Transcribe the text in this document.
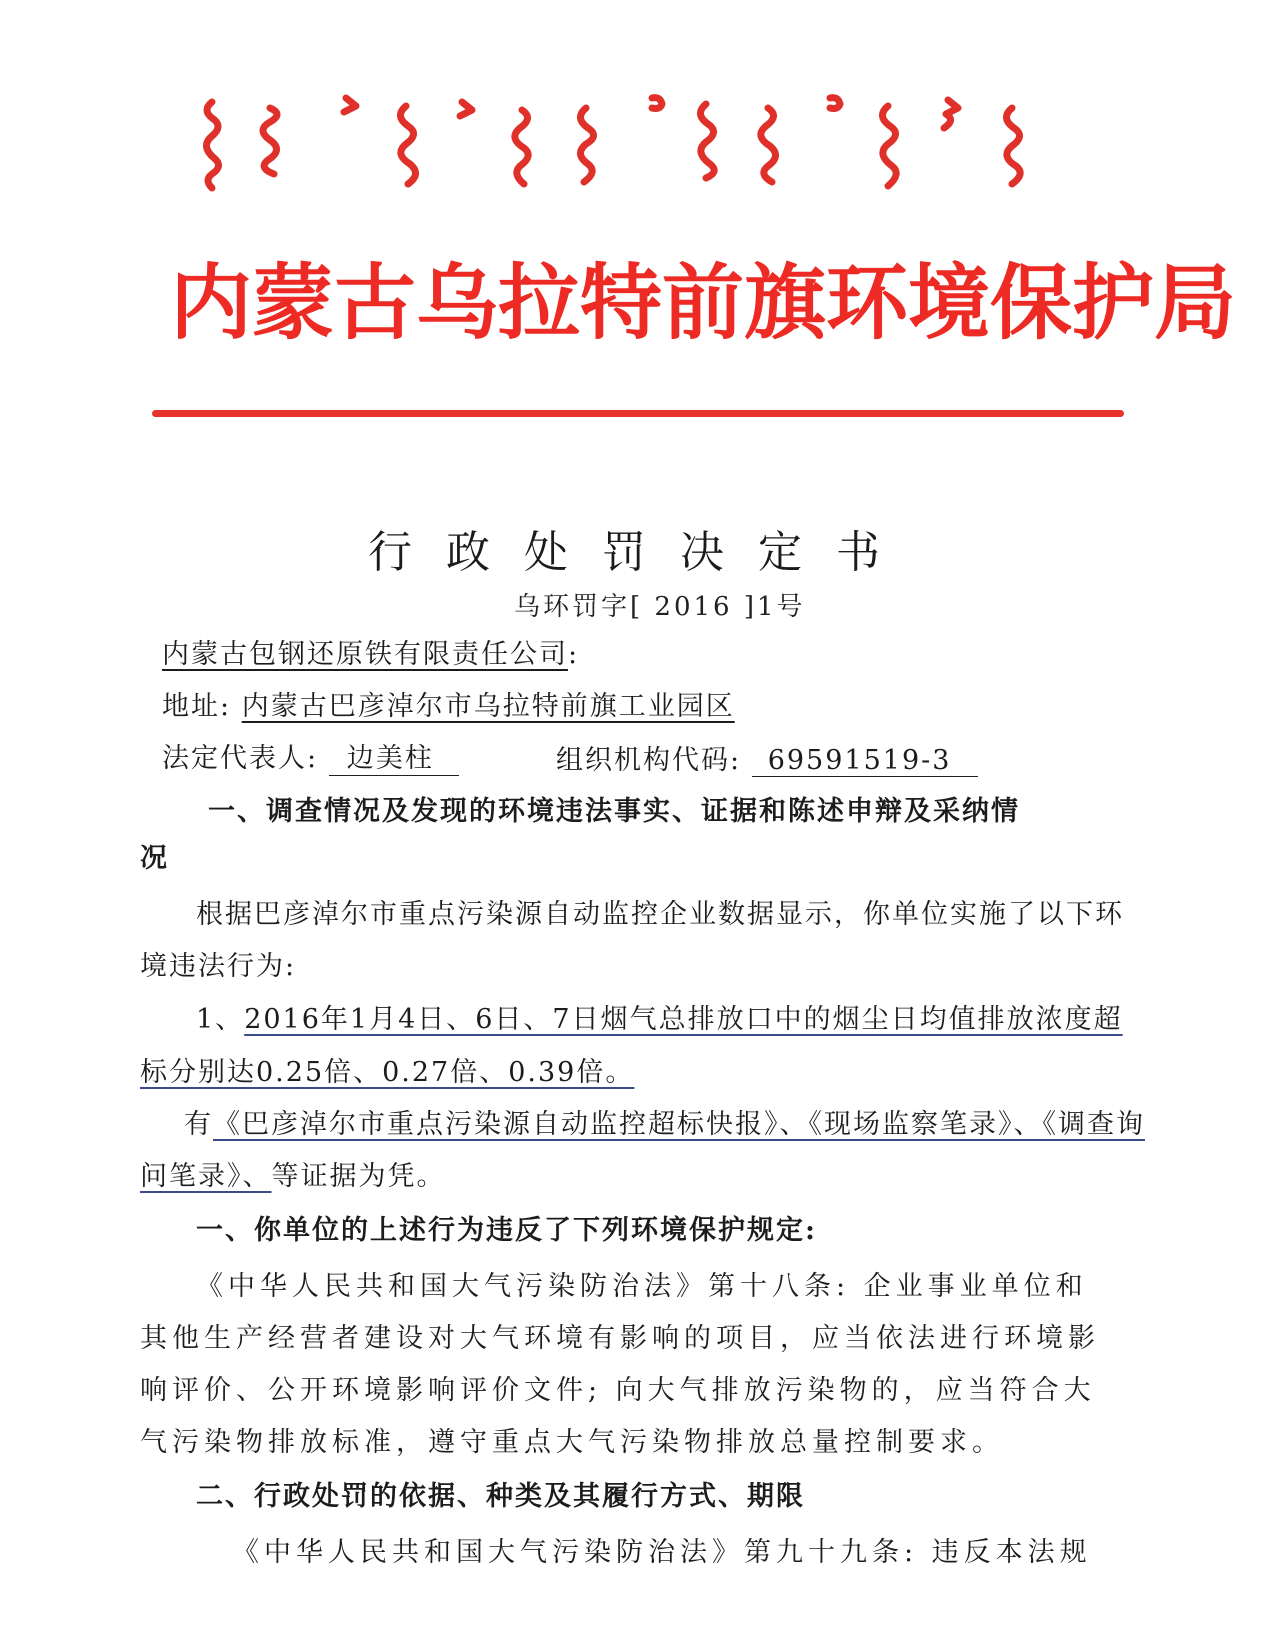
内蒙古乌拉特前旗环境保护局
行政处罚决定书
乌环罚字[ 2016 ]1号
内蒙古包钢还原铁有限责任公司:
地址: 内蒙古巴彦淖尔市乌拉特前旗工业园区
法定代表人: 边美柱	组织机构代码: 69591519-3
一、调查情况及发现的环境违法事实、证据和陈述申辩及采纳情
况
根据巴彦淖尔市重点污染源自动监控企业数据显示，你单位实施了以下环
境违法行为:
1、2016年1月4日、6日、7日烟气总排放口中的烟尘日均值排放浓度超
标分别达0.25倍、0.27倍、0.39倍。
有《巴彦淖尔市重点污染源自动监控超标快报》、《现场监察笔录》、《调查询
问笔录》、等证据为凭。
一、你单位的上述行为违反了下列环境保护规定:
《中华人民共和国大气污染防治法》第十八条: 企业事业单位和
其他生产经营者建设对大气环境有影响的项目，应当依法进行环境影
响评价、公开环境影响评价文件; 向大气排放污染物的，应当符合大
气污染物排放标准，遵守重点大气污染物排放总量控制要求。
二、行政处罚的依据、种类及其履行方式、期限
《中华人民共和国大气污染防治法》第九十九条: 违反本法规
